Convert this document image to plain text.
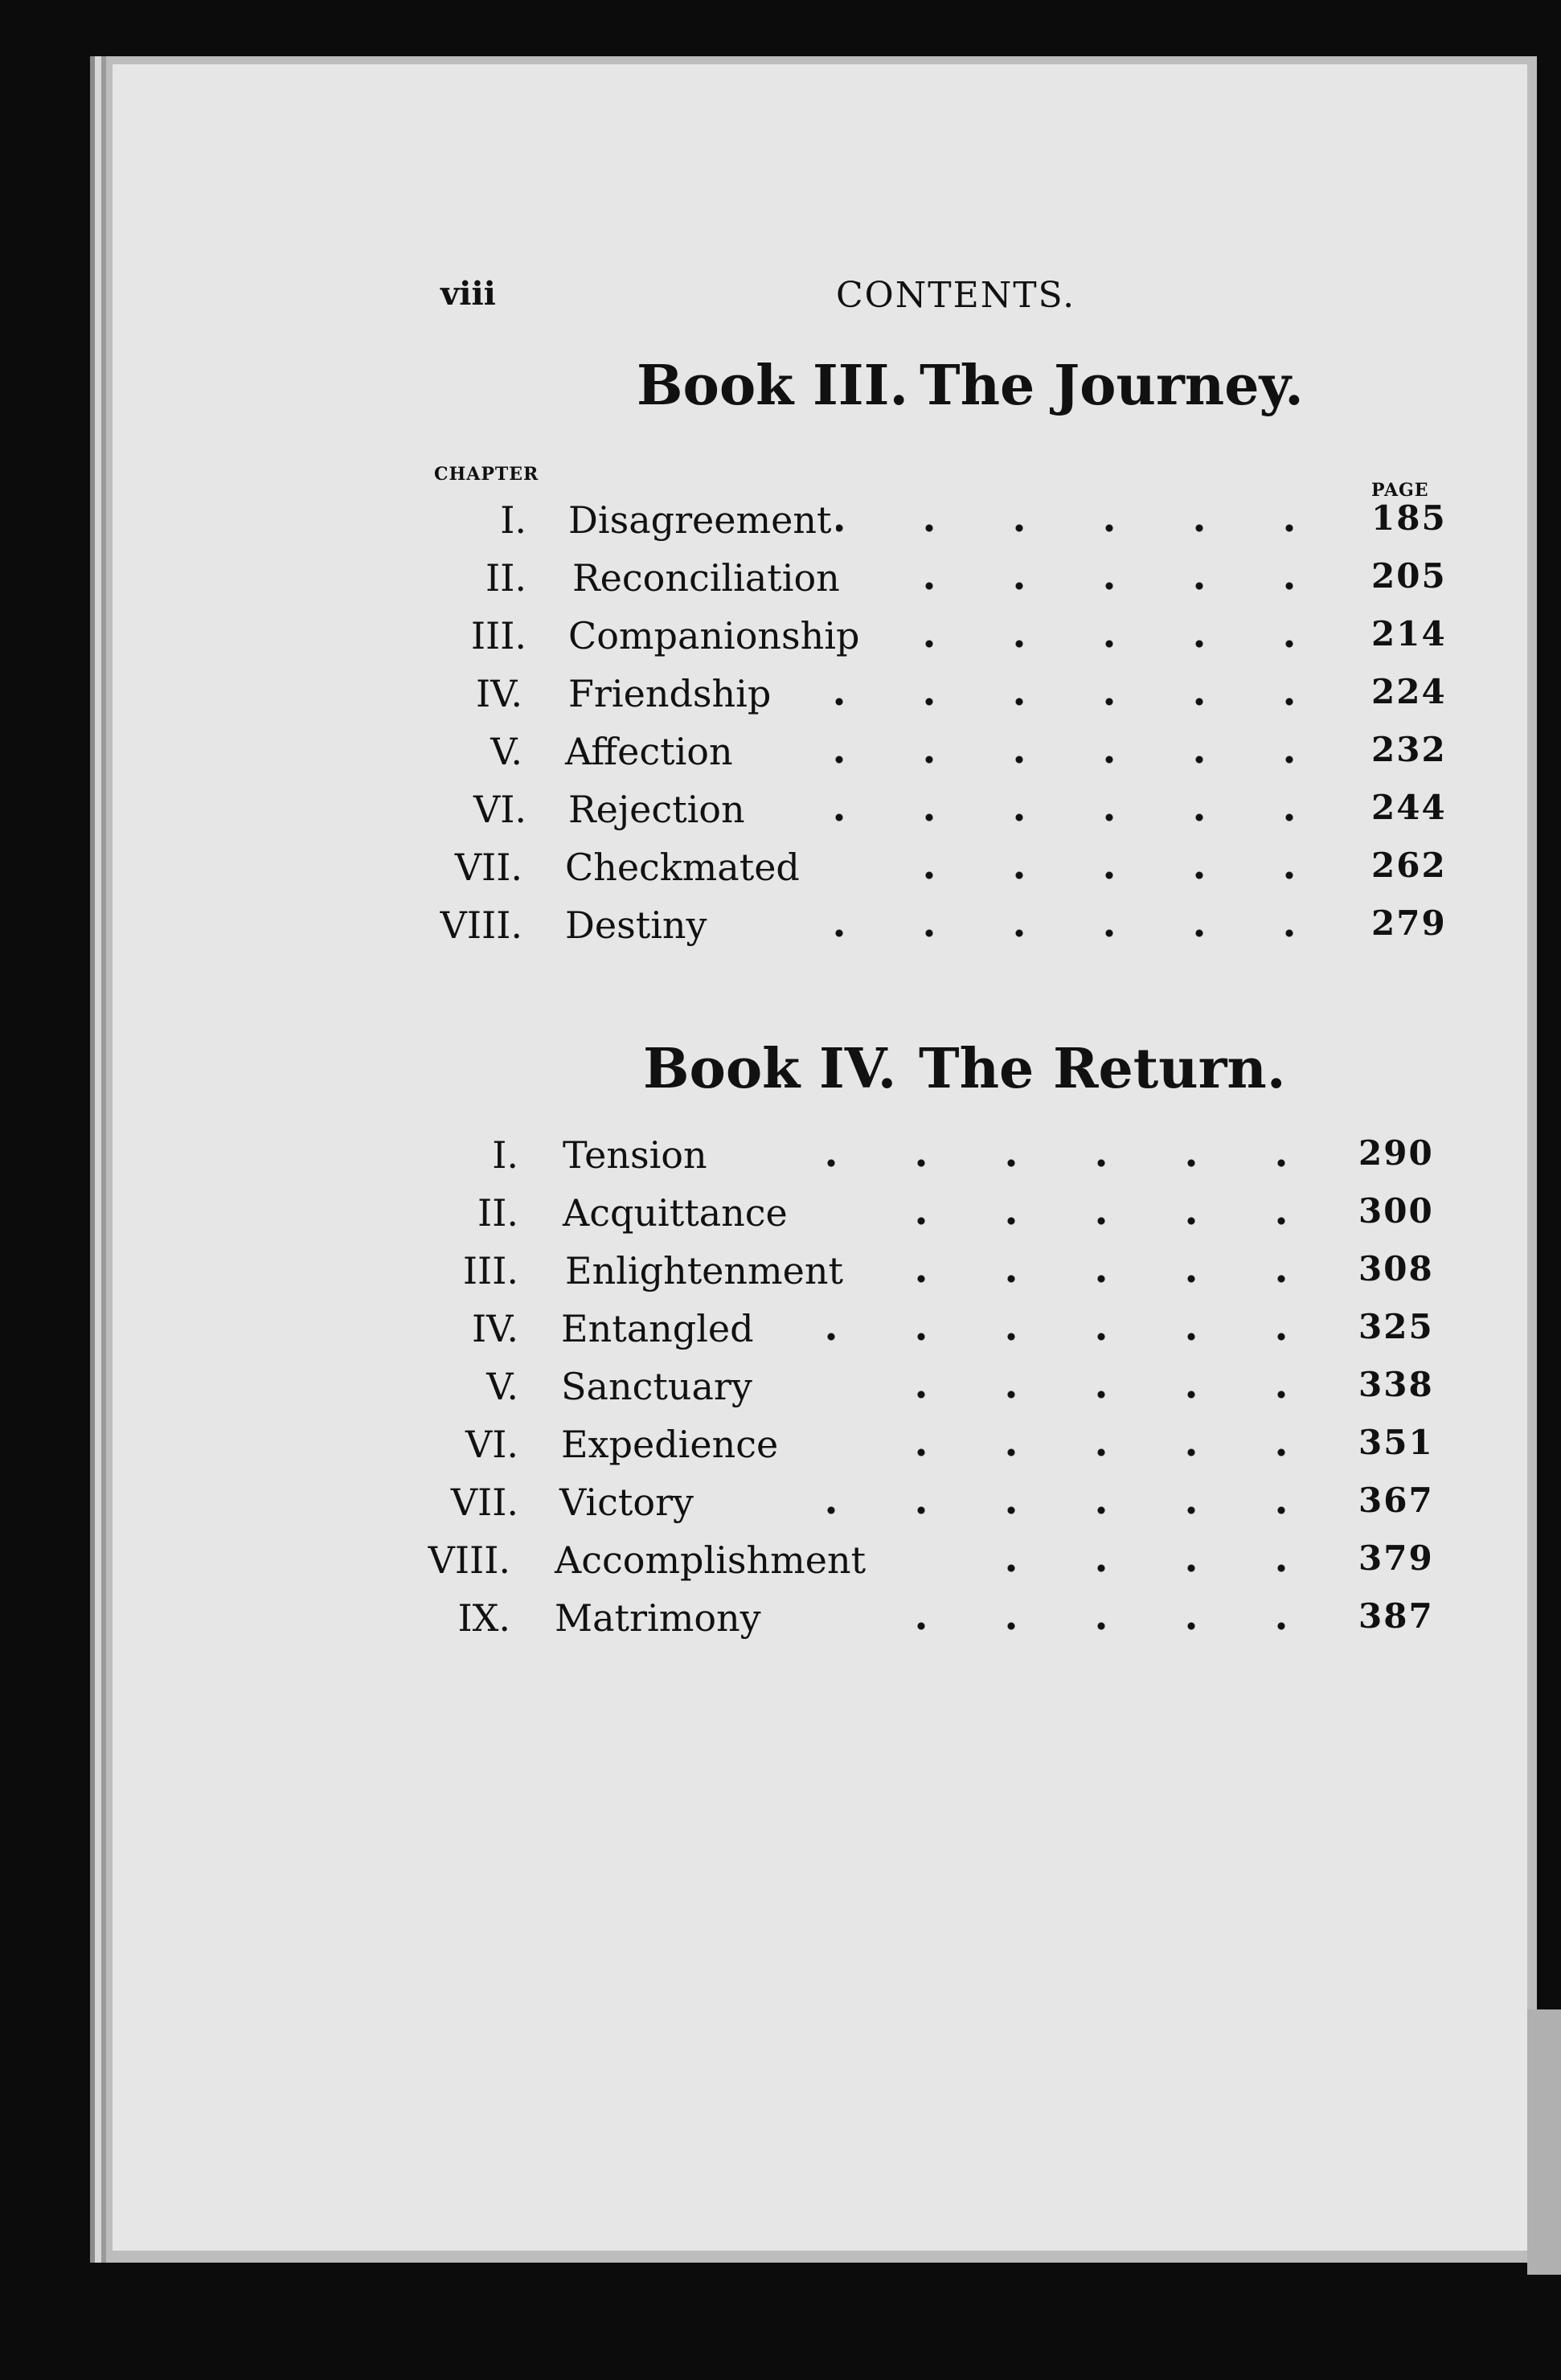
viii	CONTENTS.
Book III. The Journey.
CHAPTER
PAGE
I. Disagreement	185
II. Reconciliation	205
III. Companionship	214
IV. Friendship	224
V. Affection	232
VI. Rejection	244
VII. Checkmated	262
VIII. Destiny	279
Book IV. The Return.
I. Tension	290
II. Acquittance	300
III. Enlightenment	308
IV. Entangled	325
V. Sanctuary	338
VI. Expedience	351
VII. Victory	367
VIII. Accomplishment	379
IX. Matrimony	387
